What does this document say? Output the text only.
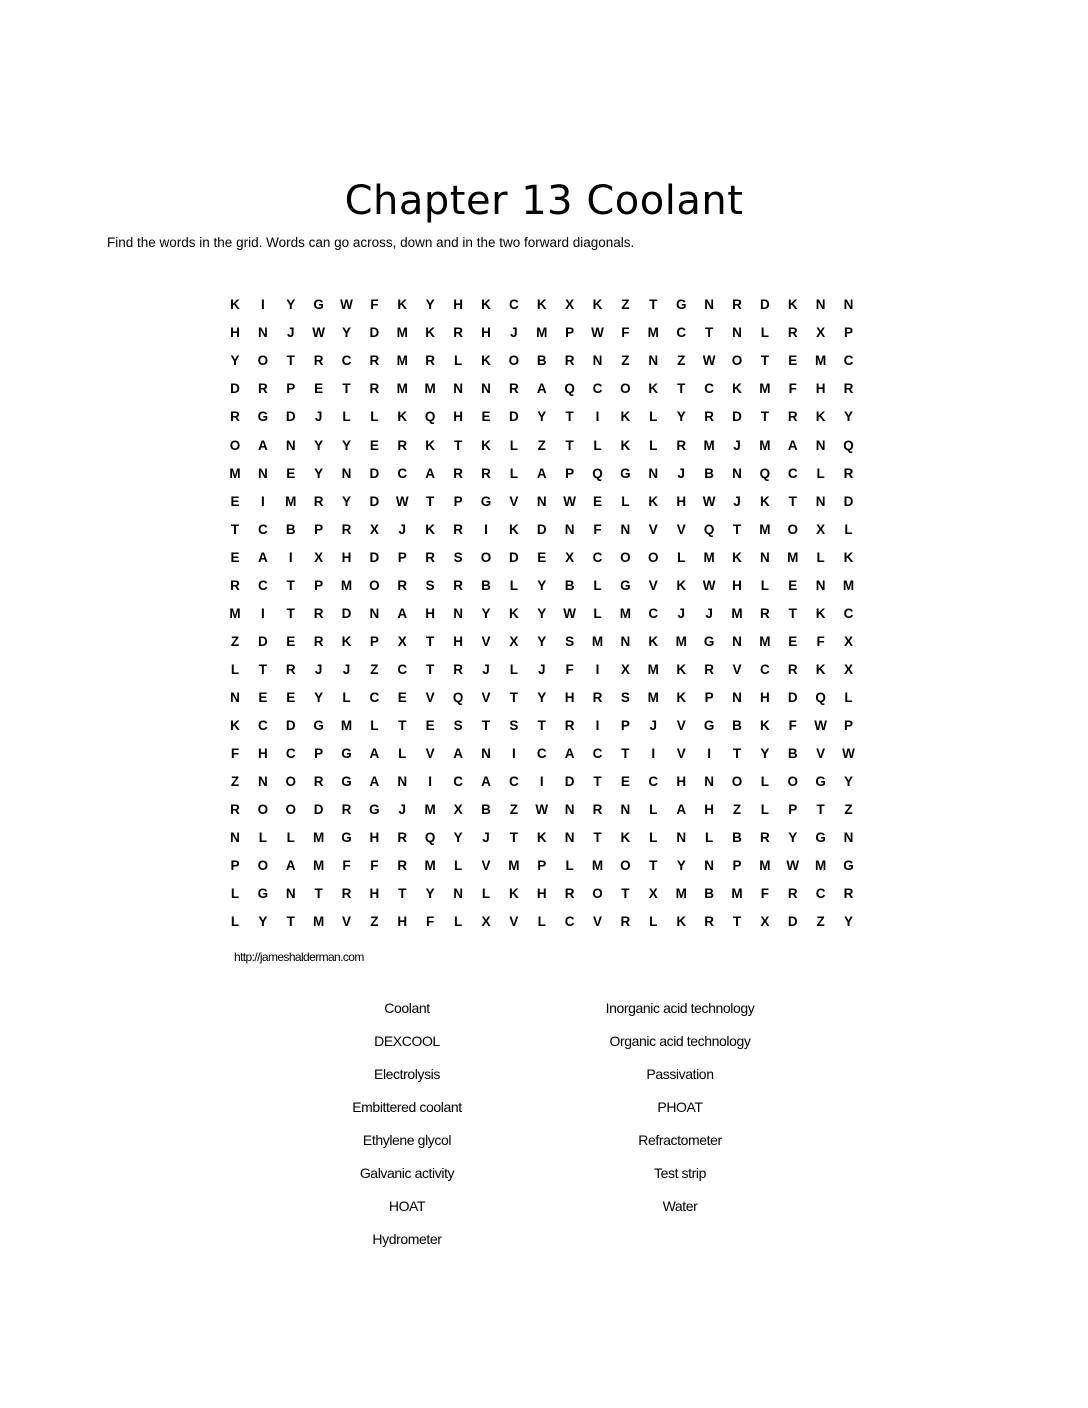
Chapter 13 Coolant
Find the words in the grid. Words can go across, down and in the two forward diagonals.
K	I	Y	G	W	F	K	Y	H	K	C	K	X	K	Z	T	G	N	R	D	K	N	N
H	N	J	W	Y	D	M	K	R	H	J	M	P	W	F	M	C	T	N	L	R	X	P
Y	O	T	R	C	R	M	R	L	K	O	B	R	N	Z	N	Z	W	O	T	E	M	C
D	R	P	E	T	R	M	M	N	N	R	A	Q	C	O	K	T	C	K	M	F	H	R
R	G	D	J	L	L	K	Q	H	E	D	Y	T	I	K	L	Y	R	D	T	R	K	Y
O	A	N	Y	Y	E	R	K	T	K	L	Z	T	L	K	L	R	M	J	M	A	N	Q
M	N	E	Y	N	D	C	A	R	R	L	A	P	Q	G	N	J	B	N	Q	C	L	R
E	I	M	R	Y	D	W	T	P	G	V	N	W	E	L	K	H	W	J	K	T	N	D
T	C	B	P	R	X	J	K	R	I	K	D	N	F	N	V	V	Q	T	M	O	X	L
E	A	I	X	H	D	P	R	S	O	D	E	X	C	O	O	L	M	K	N	M	L	K
R	C	T	P	M	O	R	S	R	B	L	Y	B	L	G	V	K	W	H	L	E	N	M
M	I	T	R	D	N	A	H	N	Y	K	Y	W	L	M	C	J	J	M	R	T	K	C
Z	D	E	R	K	P	X	T	H	V	X	Y	S	M	N	K	M	G	N	M	E	F	X
L	T	R	J	J	Z	C	T	R	J	L	J	F	I	X	M	K	R	V	C	R	K	X
N	E	E	Y	L	C	E	V	Q	V	T	Y	H	R	S	M	K	P	N	H	D	Q	L
K	C	D	G	M	L	T	E	S	T	S	T	R	I	P	J	V	G	B	K	F	W	P
F	H	C	P	G	A	L	V	A	N	I	C	A	C	T	I	V	I	T	Y	B	V	W
Z	N	O	R	G	A	N	I	C	A	C	I	D	T	E	C	H	N	O	L	O	G	Y
R	O	O	D	R	G	J	M	X	B	Z	W	N	R	N	L	A	H	Z	L	P	T	Z
N	L	L	M	G	H	R	Q	Y	J	T	K	N	T	K	L	N	L	B	R	Y	G	N
P	O	A	M	F	F	R	M	L	V	M	P	L	M	O	T	Y	N	P	M	W	M	G
L	G	N	T	R	H	T	Y	N	L	K	H	R	O	T	X	M	B	M	F	R	C	R
L	Y	T	M	V	Z	H	F	L	X	V	L	C	V	R	L	K	R	T	X	D	Z	Y
http://jameshalderman.com
Coolant
DEXCOOL
Electrolysis
Embittered coolant
Ethylene glycol
Galvanic activity
HOAT
Hydrometer
Inorganic acid technology
Organic acid technology
Passivation
PHOAT
Refractometer
Test strip
Water
